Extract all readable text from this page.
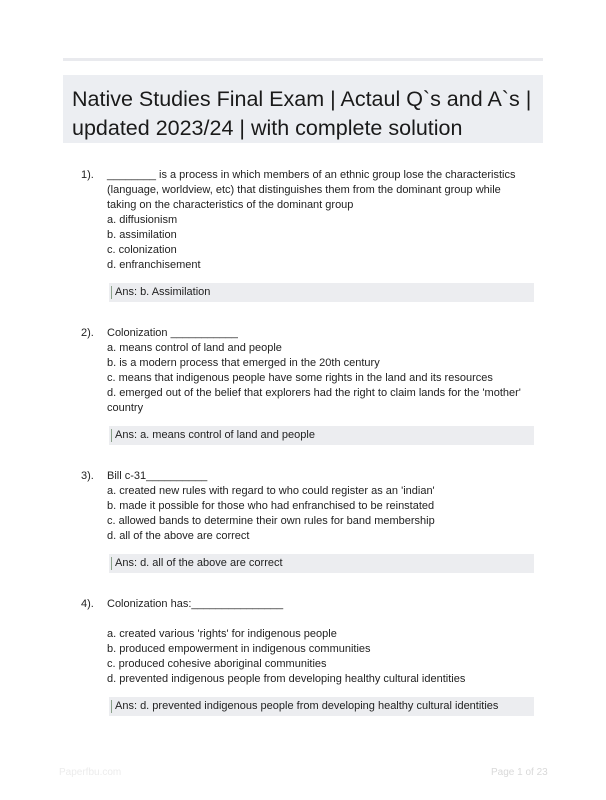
Native Studies Final Exam | Actaul Q`s and A`s | updated 2023/24 | with complete solution
1). ________ is a process in which members of an ethnic group lose the characteristics (language, worldview, etc) that distinguishes them from the dominant group while taking on the characteristics of the dominant group

a. diffusionism

b. assimilation

c. colonization

d. enfranchisement

Ans: b. Assimilation
2). Colonization ___________

a. means control of land and people

b. is a modern process that emerged in the 20th century

c. means that indigenous people have some rights in the land and its resources

d. emerged out of the belief that explorers had the right to claim lands for the 'mother' country

Ans: a. means control of land and people
3). Bill c-31__________

a. created new rules with regard to who could register as an 'indian'

b. made it possible for those who had enfranchised to be reinstated

c. allowed bands to determine their own rules for band membership

d. all of the above are correct

Ans: d. all of the above are correct
4). Colonization has:_______________

a. created various 'rights' for indigenous people

b. produced empowerment in indigenous communities

c. produced cohesive aboriginal communities

d. prevented indigenous people from developing healthy cultural identities

Ans: d. prevented indigenous people from developing healthy cultural identities
Paperfbu.com	Page 1 of 23
